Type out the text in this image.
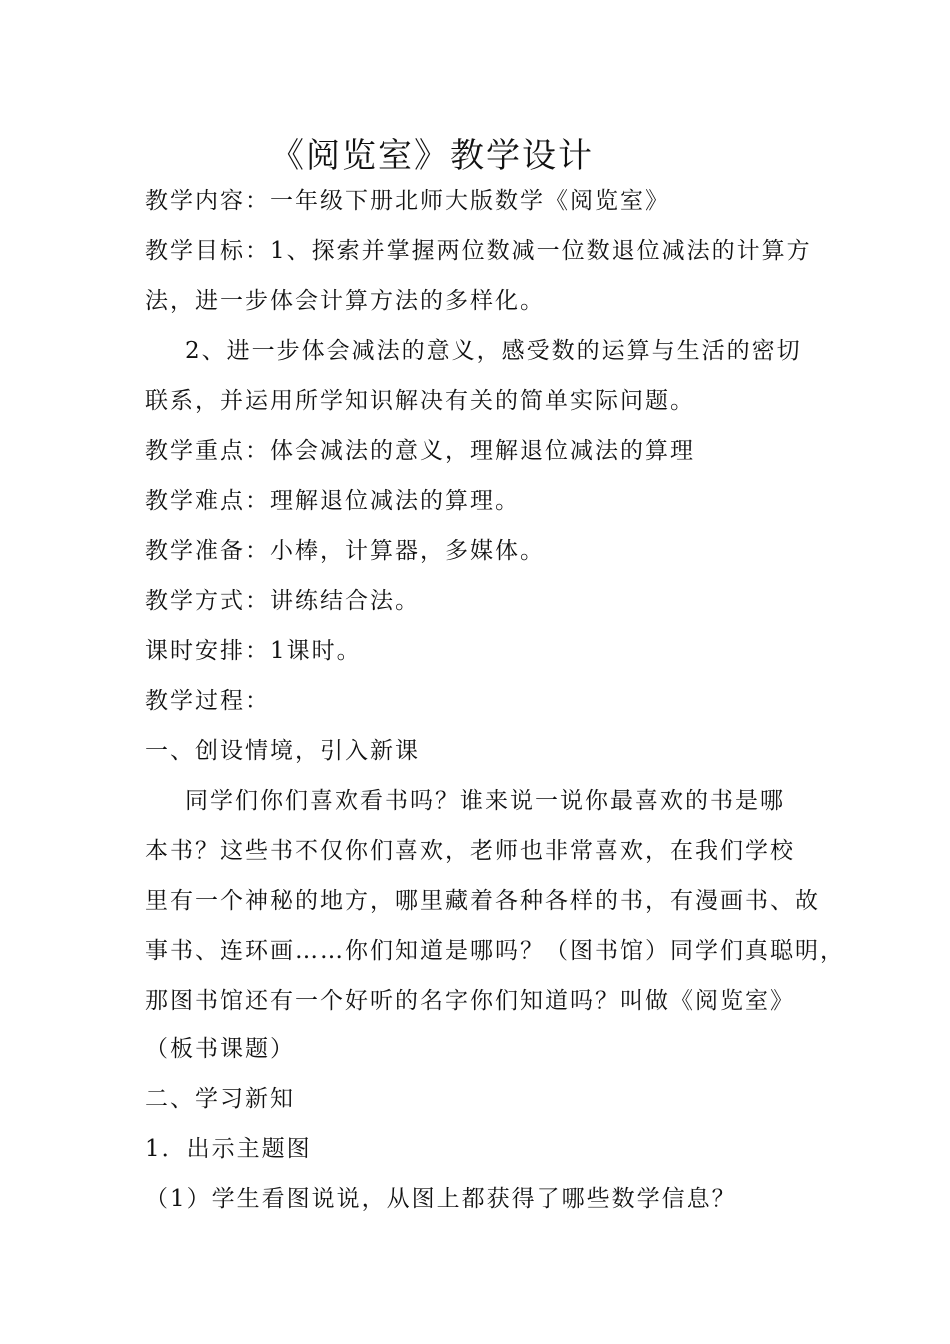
《阅览室》教学设计
教学内容：一年级下册北师大版数学《阅览室》
教学目标：1、探索并掌握两位数减一位数退位减法的计算方
法，进一步体会计算方法的多样化。
2、进一步体会减法的意义，感受数的运算与生活的密切
联系，并运用所学知识解决有关的简单实际问题。
教学重点：体会减法的意义，理解退位减法的算理
教学难点：理解退位减法的算理。
教学准备：小棒，计算器，多媒体。
教学方式：讲练结合法。
课时安排：1课时。
教学过程：
一、创设情境，引入新课
同学们你们喜欢看书吗？谁来说一说你最喜欢的书是哪
本书？这些书不仅你们喜欢，老师也非常喜欢，在我们学校
里有一个神秘的地方，哪里藏着各种各样的书，有漫画书、故
事书、连环画……你们知道是哪吗？（图书馆）同学们真聪明，
那图书馆还有一个好听的名字你们知道吗？叫做《阅览室》
（板书课题）
二、学习新知
1．出示主题图
（1）学生看图说说，从图上都获得了哪些数学信息？
